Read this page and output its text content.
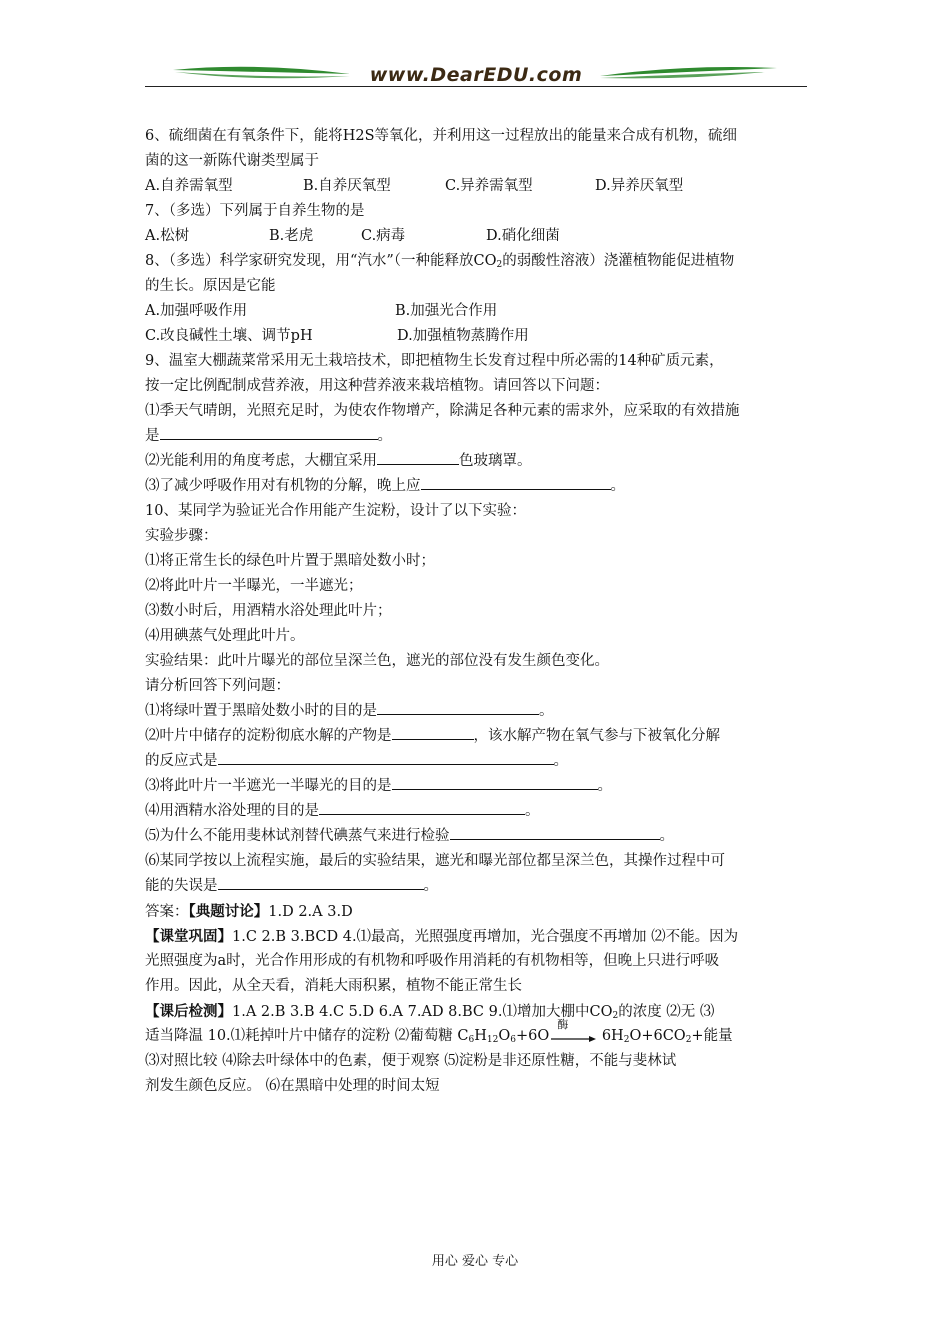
www.DearEDU.com
6、硫细菌在有氧条件下，能将H2S等氧化，并利用这一过程放出的能量来合成有机物，硫细
菌的这一新陈代谢类型属于
A.自养需氧型	B.自养厌氧型	C.异养需氧型	D.异养厌氧型
7、（多选）下列属于自养生物的是
A.松树	B.老虎	C.病毒	D.硝化细菌
8、（多选）科学家研究发现，用“汽水”（一种能释放$CO_2$的弱酸性溶液）浇灌植物能促进植物
的生长。原因是它能
A.加强呼吸作用	B.加强光合作用
C.改良碱性土壤、调节pH	D.加强植物蒸腾作用
9、温室大棚蔬菜常采用无土栽培技术，即把植物生长发育过程中所必需的14种矿质元素，
按一定比例配制成营养液，用这种营养液来栽培植物。请回答以下问题：
⑴季天气晴朗，光照充足时，为使农作物增产，除满足各种元素的需求外，应采取的有效措施
是	。
⑵光能利用的角度考虑，大棚宜采用	色玻璃罩。
⑶了减少呼吸作用对有机物的分解，晚上应	。
10、某同学为验证光合作用能产生淀粉，设计了以下实验：
实验步骤：
⑴将正常生长的绿色叶片置于黑暗处数小时；
⑵将此叶片一半曝光，一半遮光；
⑶数小时后，用酒精水浴处理此叶片；
⑷用碘蒸气处理此叶片。
实验结果：此叶片曝光的部位呈深兰色，遮光的部位没有发生颜色变化。
请分析回答下列问题：
⑴将绿叶置于黑暗处数小时的目的是	。
⑵叶片中储存的淀粉彻底水解的产物是	，该水解产物在氧气参与下被氧化分解
的反应式是	。
⑶将此叶片一半遮光一半曝光的目的是	。
⑷用酒精水浴处理的目的是	。
⑸为什么不能用斐林试剂替代碘蒸气来进行检验	。
⑹某同学按以上流程实施，最后的实验结果，遮光和曝光部位都呈深兰色，其操作过程中可
能的失误是	。
答案：【典题讨论】1.D 2.A 3.D
【课堂巩固】1.C 2.B 3.BCD 4.⑴最高，光照强度再增加，光合强度不再增加 ⑵不能。因为
光照强度为a时，光合作用形成的有机物和呼吸作用消耗的有机物相等，但晚上只进行呼吸
作用。因此，从全天看，消耗大雨积累，植物不能正常生长
【课后检测】1.A 2.B 3.B 4.C 5.D 6.A 7.AD 8.BC 9.⑴增加大棚中$CO_2$的浓度 ⑵无 ⑶
适当降温 10.⑴耗掉叶片中储存的淀粉 ⑵葡萄糖 $C_6H_{12}O_6+6O$
酶
$6H_2O+6CO_2+$能量
⑶对照比较 ⑷除去叶绿体中的色素，便于观察 ⑸淀粉是非还原性糖，不能与斐林试
剂发生颜色反应。 ⑹在黑暗中处理的时间太短
用心 爱心 专心
